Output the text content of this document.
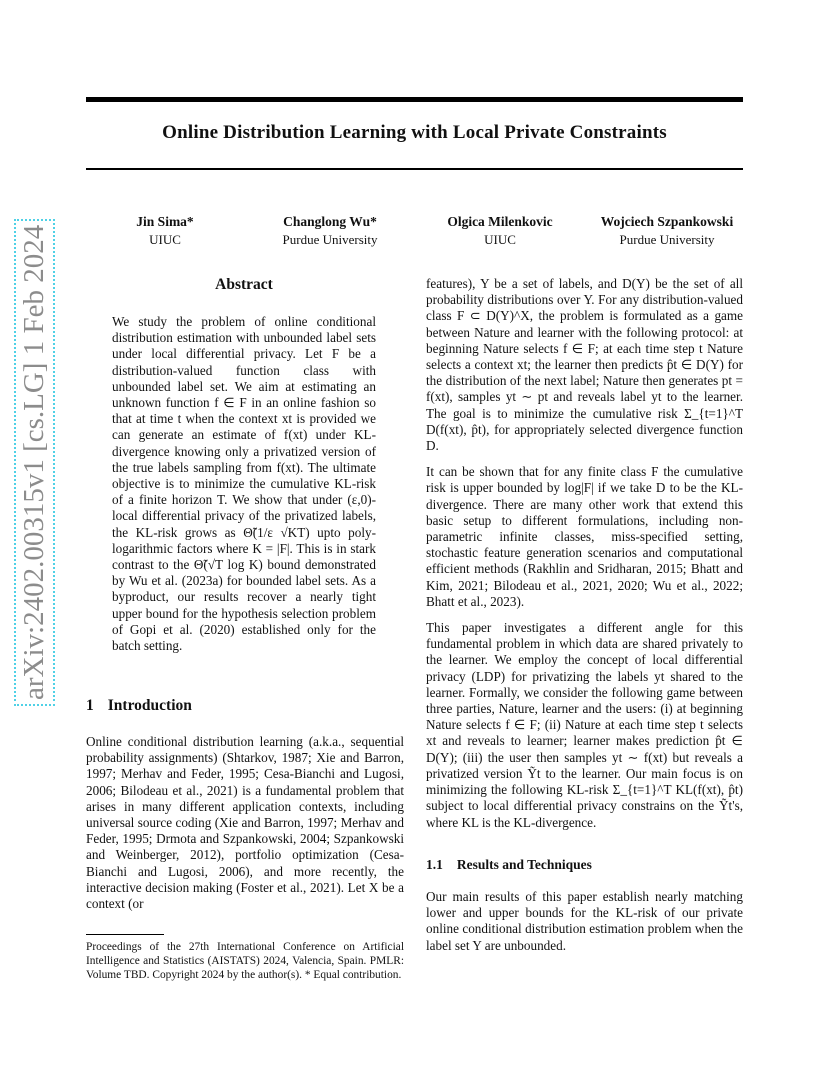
Online Distribution Learning with Local Private Constraints
Jin Sima*
UIUC
Changlong Wu*
Purdue University
Olgica Milenkovic
UIUC
Wojciech Szpankowski
Purdue University
arXiv:2402.00315v1 [cs.LG] 1 Feb 2024	Abstract

We study the problem of online conditional distribution estimation with unbounded label sets under local differential privacy. Let F be a distribution-valued function class with unbounded label set. We aim at estimating an unknown function f ∈ F in an online fashion so that at time t when the context xt is provided we can generate an estimate of f(xt) under KL-divergence knowing only a privatized version of the true labels sampling from f(xt). The ultimate objective is to minimize the cumulative KL-risk of a finite horizon T. We show that under (ε,0)-local differential privacy of the privatized labels, the KL-risk grows as Θ̃(1/ε √KT) upto poly-logarithmic factors where K = |F|. This is in stark contrast to the Θ̃(√T log K) bound demonstrated by Wu et al. (2023a) for bounded label sets. As a byproduct, our results recover a nearly tight upper bound for the hypothesis selection problem of Gopi et al. (2020) established only for the batch setting.

1 Introduction

Online conditional distribution learning (a.k.a., sequential probability assignments) (Shtarkov, 1987; Xie and Barron, 1997; Merhav and Feder, 1995; Cesa-Bianchi and Lugosi, 2006; Bilodeau et al., 2021) is a fundamental problem that arises in many different application contexts, including universal source coding (Xie and Barron, 1997; Merhav and Feder, 1995; Drmota and Szpankowski, 2004; Szpankowski and Weinberger, 2012), portfolio optimization (Cesa-Bianchi and Lugosi, 2006), and more recently, the interactive decision making (Foster et al., 2021). Let X be a context (or

Proceedings of the 27th International Conference on Artificial Intelligence and Statistics (AISTATS) 2024, Valencia, Spain. PMLR: Volume TBD. Copyright 2024 by the author(s). * Equal contribution.

features), Y be a set of labels, and D(Y) be the set of all probability distributions over Y. For any distribution-valued class F ⊂ D(Y)^X, the problem is formulated as a game between Nature and learner with the following protocol: at beginning Nature selects f ∈ F; at each time step t Nature selects a context xt; the learner then predicts p̂t ∈ D(Y) for the distribution of the next label; Nature then generates pt = f(xt), samples yt ∼ pt and reveals label yt to the learner. The goal is to minimize the cumulative risk Σ_{t=1}^T D(f(xt), p̂t), for appropriately selected divergence function D.

It can be shown that for any finite class F the cumulative risk is upper bounded by log|F| if we take D to be the KL-divergence. There are many other work that extend this basic setup to different formulations, including non-parametric infinite classes, miss-specified setting, stochastic feature generation scenarios and computational efficient methods (Rakhlin and Sridharan, 2015; Bhatt and Kim, 2021; Bilodeau et al., 2021, 2020; Wu et al., 2022; Bhatt et al., 2023).

This paper investigates a different angle for this fundamental problem in which data are shared privately to the learner. We employ the concept of local differential privacy (LDP) for privatizing the labels yt shared to the learner. Formally, we consider the following game between three parties, Nature, learner and the users: (i) at beginning Nature selects f ∈ F; (ii) Nature at each time step t selects xt and reveals to learner; learner makes prediction p̂t ∈ D(Y); (iii) the user then samples yt ∼ f(xt) but reveals a privatized version Ỹt to the learner. Our main focus is on minimizing the following KL-risk Σ_{t=1}^T KL(f(xt), p̂t) subject to local differential privacy constrains on the Ỹt's, where KL is the KL-divergence.

1.1 Results and Techniques

Our main results of this paper establish nearly matching lower and upper bounds for the KL-risk of our private online conditional distribution estimation problem when the label set Y are unbounded.
